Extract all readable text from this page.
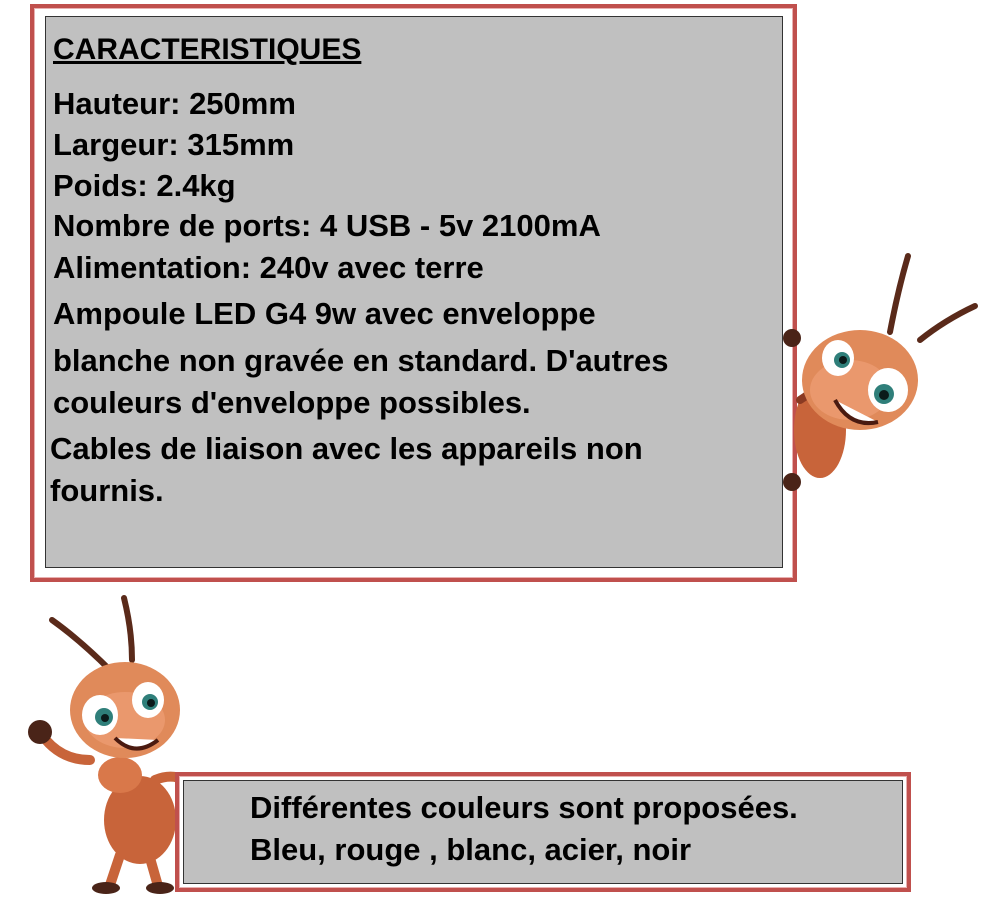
CARACTERISTIQUES

Hauteur: 250mm

Largeur: 315mm

Poids: 2.4kg

Nombre de ports: 4 USB - 5v 2100mA

Alimentation: 240v avec terre

Ampoule LED G4 9w avec enveloppe

blanche non gravée en standard. D'autres

couleurs d'enveloppe possibles.

Cables de liaison avec les appareils non

fournis.

Différentes couleurs sont proposées.

Bleu, rouge , blanc, acier, noir
